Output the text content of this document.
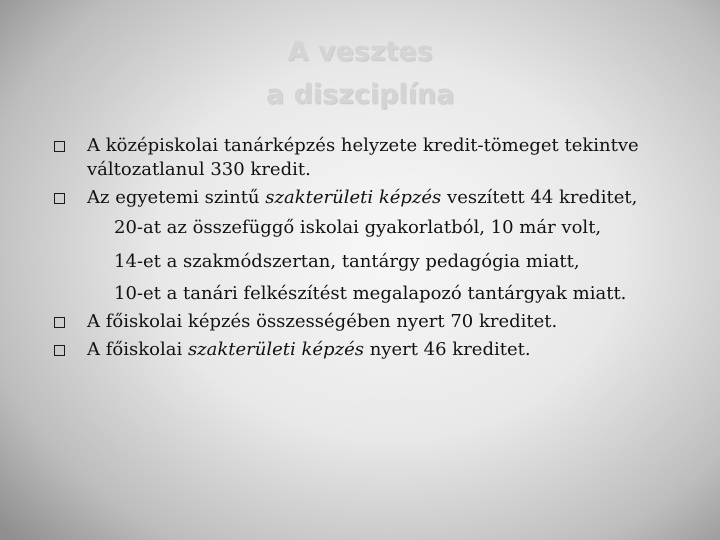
A vesztes
a diszciplína
A középiskolai tanárképzés helyzete kredit-tömeget tekintve változatlanul 330 kredit.
Az egyetemi szintű szakterületi képzés veszített 44 kreditet,
20-at az összefüggő iskolai gyakorlatból, 10 már volt,
14-et a szakmódszertan, tantárgy pedagógia miatt,
10-et a tanári felkészítést megalapozó tantárgyak miatt.
A főiskolai képzés összességében nyert 70 kreditet.
A főiskolai szakterületi képzés nyert 46 kreditet.
